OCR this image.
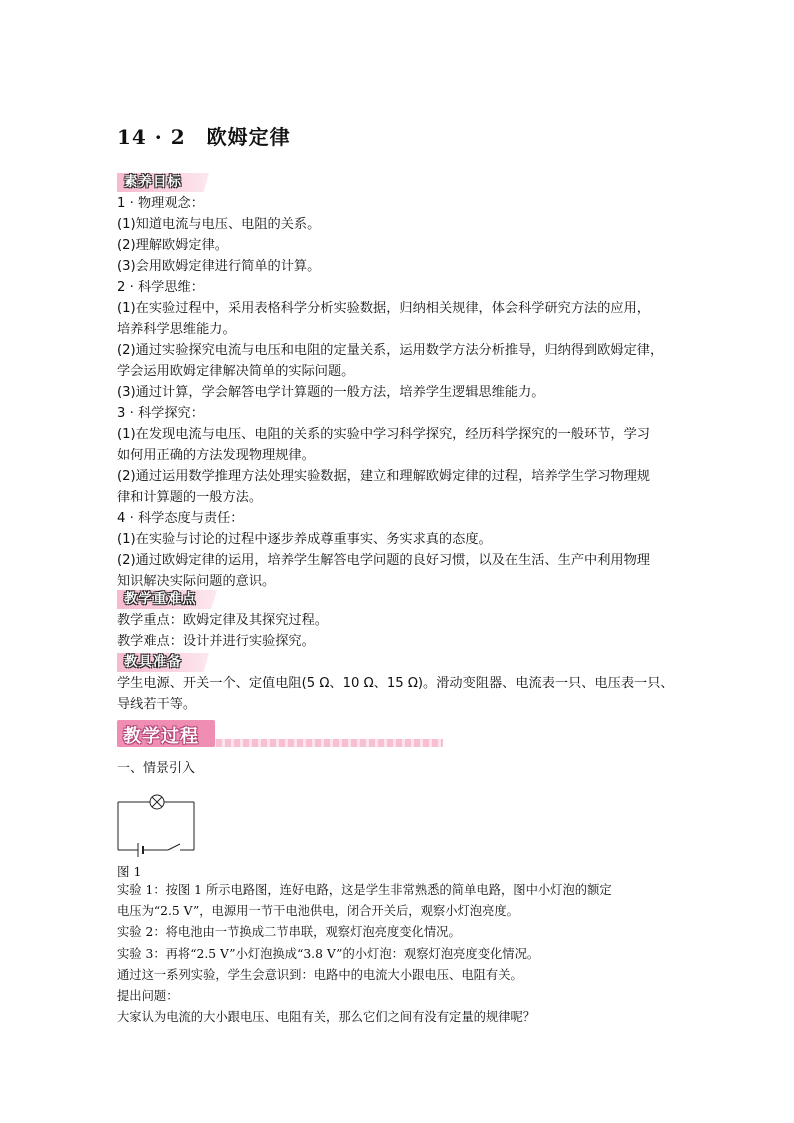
14 · 2　欧姆定律
素养目标

1 · 物理观念：

(1)知道电流与电压、电阻的关系。

(2)理解欧姆定律。

(3)会用欧姆定律进行简单的计算。

2 · 科学思维：

(1)在实验过程中，采用表格科学分析实验数据，归纳相关规律，体会科学研究方法的应用，

培养科学思维能力。

(2)通过实验探究电流与电压和电阻的定量关系，运用数学方法分析推导，归纳得到欧姆定律，

学会运用欧姆定律解决简单的实际问题。

(3)通过计算，学会解答电学计算题的一般方法，培养学生逻辑思维能力。

3 · 科学探究：

(1)在发现电流与电压、电阻的关系的实验中学习科学探究，经历科学探究的一般环节，学习

如何用正确的方法发现物理规律。

(2)通过运用数学推理方法处理实验数据，建立和理解欧姆定律的过程，培养学生学习物理规

律和计算题的一般方法。

4 · 科学态度与责任：

(1)在实验与讨论的过程中逐步养成尊重事实、务实求真的态度。

(2)通过欧姆定律的运用，培养学生解答电学问题的良好习惯，以及在生活、生产中利用物理

知识解决实际问题的意识。

教学重难点

教学重点：欧姆定律及其探究过程。

教学难点：设计并进行实验探究。

教具准备

学生电源、开关一个、定值电阻(5 Ω、10 Ω、15 Ω)。滑动变阻器、电流表一只、电压表一只、

导线若干等。

教学过程
一、情景引入
图 1

实验 1：按图 1 所示电路图，连好电路，这是学生非常熟悉的简单电路，图中小灯泡的额定

电压为“2.5 V”，电源用一节干电池供电，闭合开关后，观察小灯泡亮度。

实验 2：将电池由一节换成二节串联，观察灯泡亮度变化情况。

实验 3：再将“2.5 V”小灯泡换成“3.8 V”的小灯泡：观察灯泡亮度变化情况。

通过这一系列实验，学生会意识到：电路中的电流大小跟电压、电阻有关。

提出问题：

大家认为电流的大小跟电压、电阻有关，那么它们之间有没有定量的规律呢？
